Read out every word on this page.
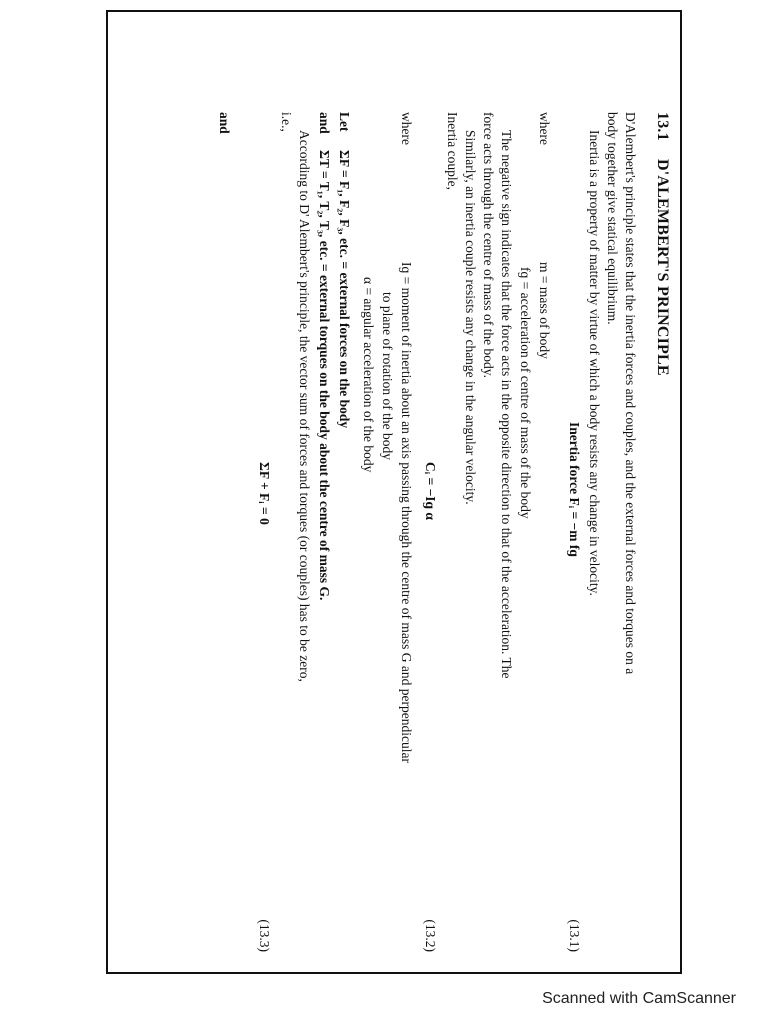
13.1 D'ALEMBERT'S PRINCIPLE
D'Alembert's principle states that the inertia forces and couples, and the external forces and torques on a
body together give statical equilibrium.
Inertia is a property of matter by virtue of which a body resists any change in velocity.
Inertia force Fᵢ = −m fɡ
(13.1)
where
m = mass of body
fɡ = acceleration of centre of mass of the body
The negative sign indicates that the force acts in the opposite direction to that of the acceleration. The
force acts through the centre of mass of the body.
Similarly, an inertia couple resists any change in the angular velocity.
Inertia couple,
Cᵢ = −Iɡ α
(13.2)
where
Iɡ = moment of inertia about an axis passing through the centre of mass G and perpendicular
to plane of rotation of the body
α = angular acceleration of the body
Let
ΣF = F₁, F₂, F₃, etc. = external forces on the body
and
ΣT = T₁, T₂, T₃, etc. = external torques on the body about the centre of mass G.
According to D' Alembert's principle, the vector sum of forces and torques (or couples) has to be zero,
i.e.,
ΣF + Fᵢ = 0
(13.3)
and
Scanned with CamScanner
